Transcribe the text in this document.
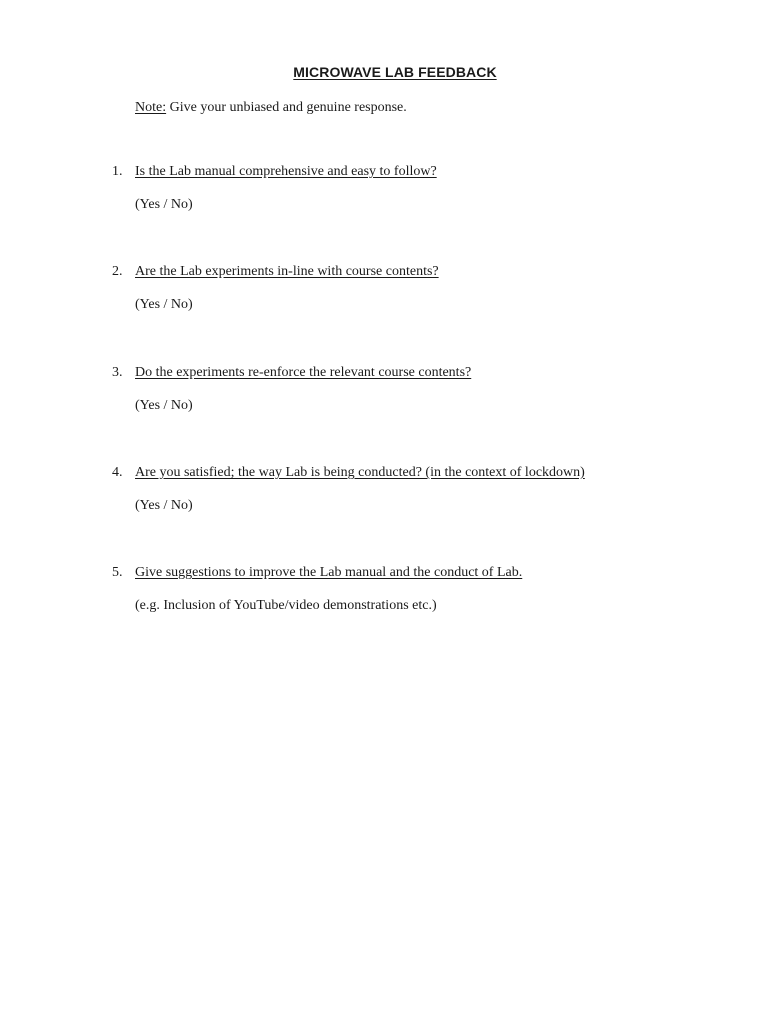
MICROWAVE LAB FEEDBACK
Note: Give your unbiased and genuine response.
1. Is the Lab manual comprehensive and easy to follow?
(Yes / No)
2. Are the Lab experiments in-line with course contents?
(Yes / No)
3. Do the experiments re-enforce the relevant course contents?
(Yes / No)
4. Are you satisfied; the way Lab is being conducted? (in the context of lockdown)
(Yes / No)
5. Give suggestions to improve the Lab manual and the conduct of Lab.
(e.g. Inclusion of YouTube/video demonstrations etc.)
